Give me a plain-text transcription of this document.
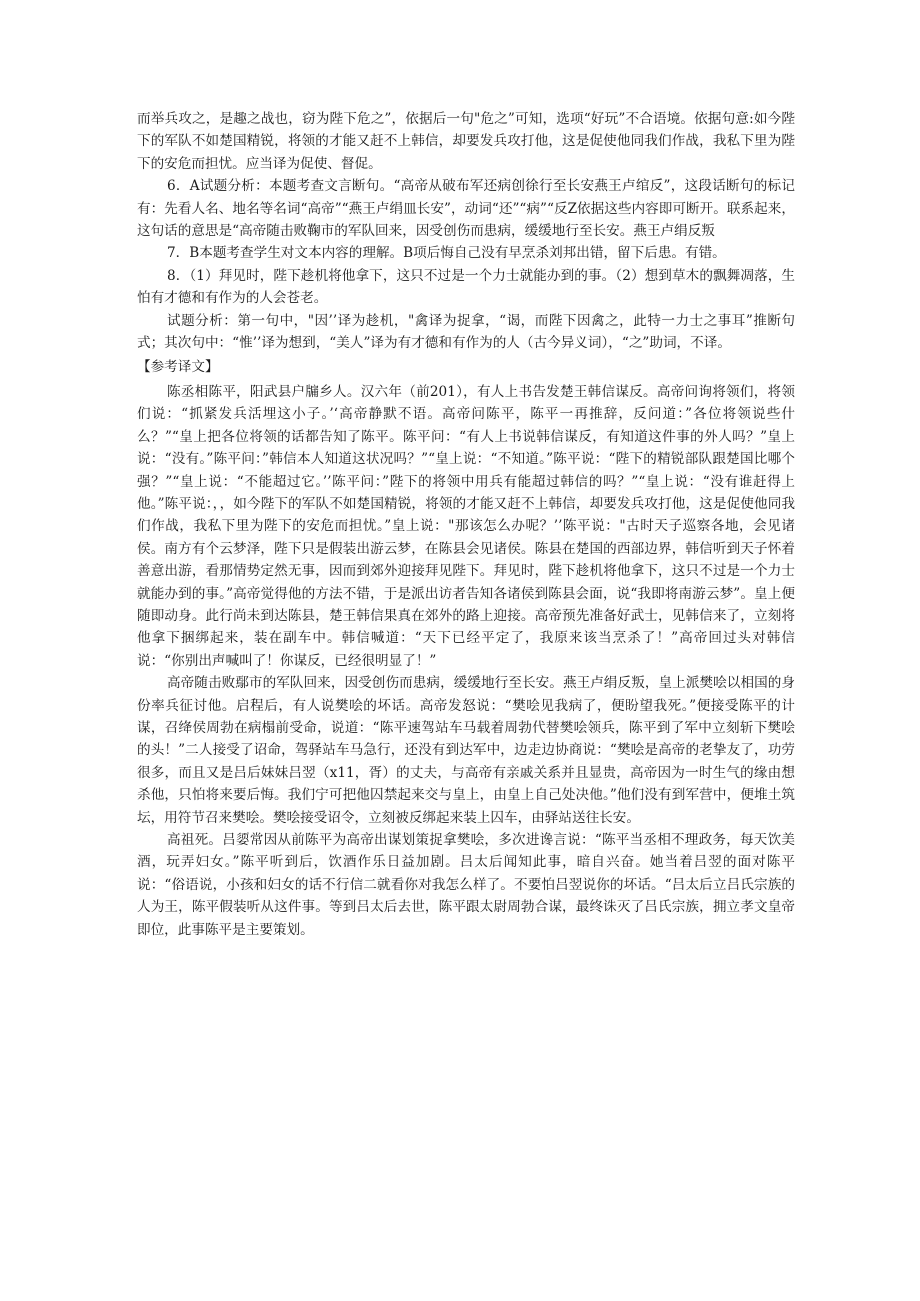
而举兵攻之，是趣之战也，窃为陛下危之”，依据后一句"危之”可知，选项“好玩”不合语境。依据句意:如今陛下的军队不如楚国精锐，将领的才能又赶不上韩信，却要发兵攻打他，这是促使他同我们作战，我私下里为陛下的安危而担忧。应当译为促使、督促。

6．A试题分析：本题考查文言断句。“高帝从破布军还病创徐行至长安燕王卢绾反”，这段话断句的标记有：先看人名、地名等名词“高帝”“燕王卢绢皿长安”，动词“还”“病”“反Z依据这些内容即可断开。联系起来，这句话的意思是“高帝随击败鞠市的军队回来，因受创伤而患病，缓缓地行至长安。燕王卢绢反叛

7．B本题考查学生对文本内容的理解。B项后悔自己没有早烹杀刘邦出错，留下后患。有错。

8．（1）拜见时，陛下趁机将他拿下，这只不过是一个力士就能办到的事。（2）想到草木的飘舞凋落，生怕有才德和有作为的人会苍老。

试题分析：第一句中，"因’’译为趁机，"禽译为捉拿，“谒，而陛下因禽之，此特一力士之事耳”推断句式；其次句中：“惟’’译为想到，“美人”译为有才德和有作为的人（古今异义词），“之”助词，不译。

【参考译文】

陈丞相陈平，阳武县户牖乡人。汉六年（前201），有人上书告发楚王韩信谋反。高帝问询将领们，将领们说：“抓紧发兵活埋这小子。’‘高帝静默不语。高帝问陈平，陈平一再推辞，反问道：”各位将领说些什么？”“皇上把各位将领的话都告知了陈平。陈平问：“有人上书说韩信谋反，有知道这件事的外人吗？”皇上说：“没有。”陈平问：”韩信本人知道这状况吗？”“皇上说：“不知道。”陈平说：“陛下的精锐部队跟楚国比哪个强？”“皇上说：“不能超过它。’’陈平问：”陛下的将领中用兵有能超过韩信的吗？”“皇上说：“没有谁赶得上他。”陈平说：，，如今陛下的军队不如楚国精锐，将领的才能又赶不上韩信，却要发兵攻打他，这是促使他同我们作战，我私下里为陛下的安危而担忧。”皇上说："那该怎么办呢？’’陈平说："古时天子巡察各地，会见诸侯。南方有个云梦泽，陛下只是假装出游云梦，在陈县会见诸侯。陈县在楚国的西部边界，韩信听到天子怀着善意出游，看那情势定然无事，因而到郊外迎接拜见陛下。拜见时，陛下趁机将他拿下，这只不过是一个力士就能办到的事。”高帝觉得他的方法不错，于是派出访者告知各诸侯到陈县会面，说“我即将南游云梦”。皇上便随即动身。此行尚未到达陈县，楚王韩信果真在郊外的路上迎接。高帝预先准备好武士，见韩信来了，立刻将他拿下捆绑起来，装在副车中。韩信喊道：“天下已经平定了，我原来该当烹杀了！”高帝回过头对韩信说：“你别出声喊叫了！你谋反，已经很明显了！”

高帝随击败鄢市的军队回来，因受创伤而患病，缓缓地行至长安。燕王卢绢反叛，皇上派樊哙以相国的身份率兵征讨他。启程后，有人说樊哙的坏话。高帝发怒说：“樊哙见我病了，便盼望我死。”便接受陈平的计谋，召绛侯周勃在病榻前受命，说道：“陈平速驾站车马载着周勃代替樊哙领兵，陈平到了军中立刻斩下樊哙的头！”二人接受了诏命，驾驿站车马急行，还没有到达军中，边走边协商说：“樊哙是高帝的老挚友了，功劳很多，而且又是吕后妹妹吕翌（x11，胥）的丈夫，与高帝有亲戚关系并且显贵，高帝因为一时生气的缘由想杀他，只怕将来要后悔。我们宁可把他囚禁起来交与皇上，由皇上自己处决他。”他们没有到军营中，便堆土筑坛，用符节召来樊哙。樊哙接受诏令，立刻被反绑起来装上囚车，由驿站送往长安。

高祖死。吕媭常因从前陈平为高帝出谋划策捉拿樊哙，多次进谗言说：“陈平当丞相不理政务，每天饮美酒，玩弄妇女。”陈平听到后，饮酒作乐日益加剧。吕太后闻知此事，暗自兴奋。她当着吕翌的面对陈平说：“俗语说，小孩和妇女的话不行信二就看你对我怎么样了。不要怕吕翌说你的坏话。“吕太后立吕氏宗族的人为王，陈平假装听从这件事。等到吕太后去世，陈平跟太尉周勃合谋，最终诛灭了吕氏宗族，拥立孝文皇帝即位，此事陈平是主要策划。
